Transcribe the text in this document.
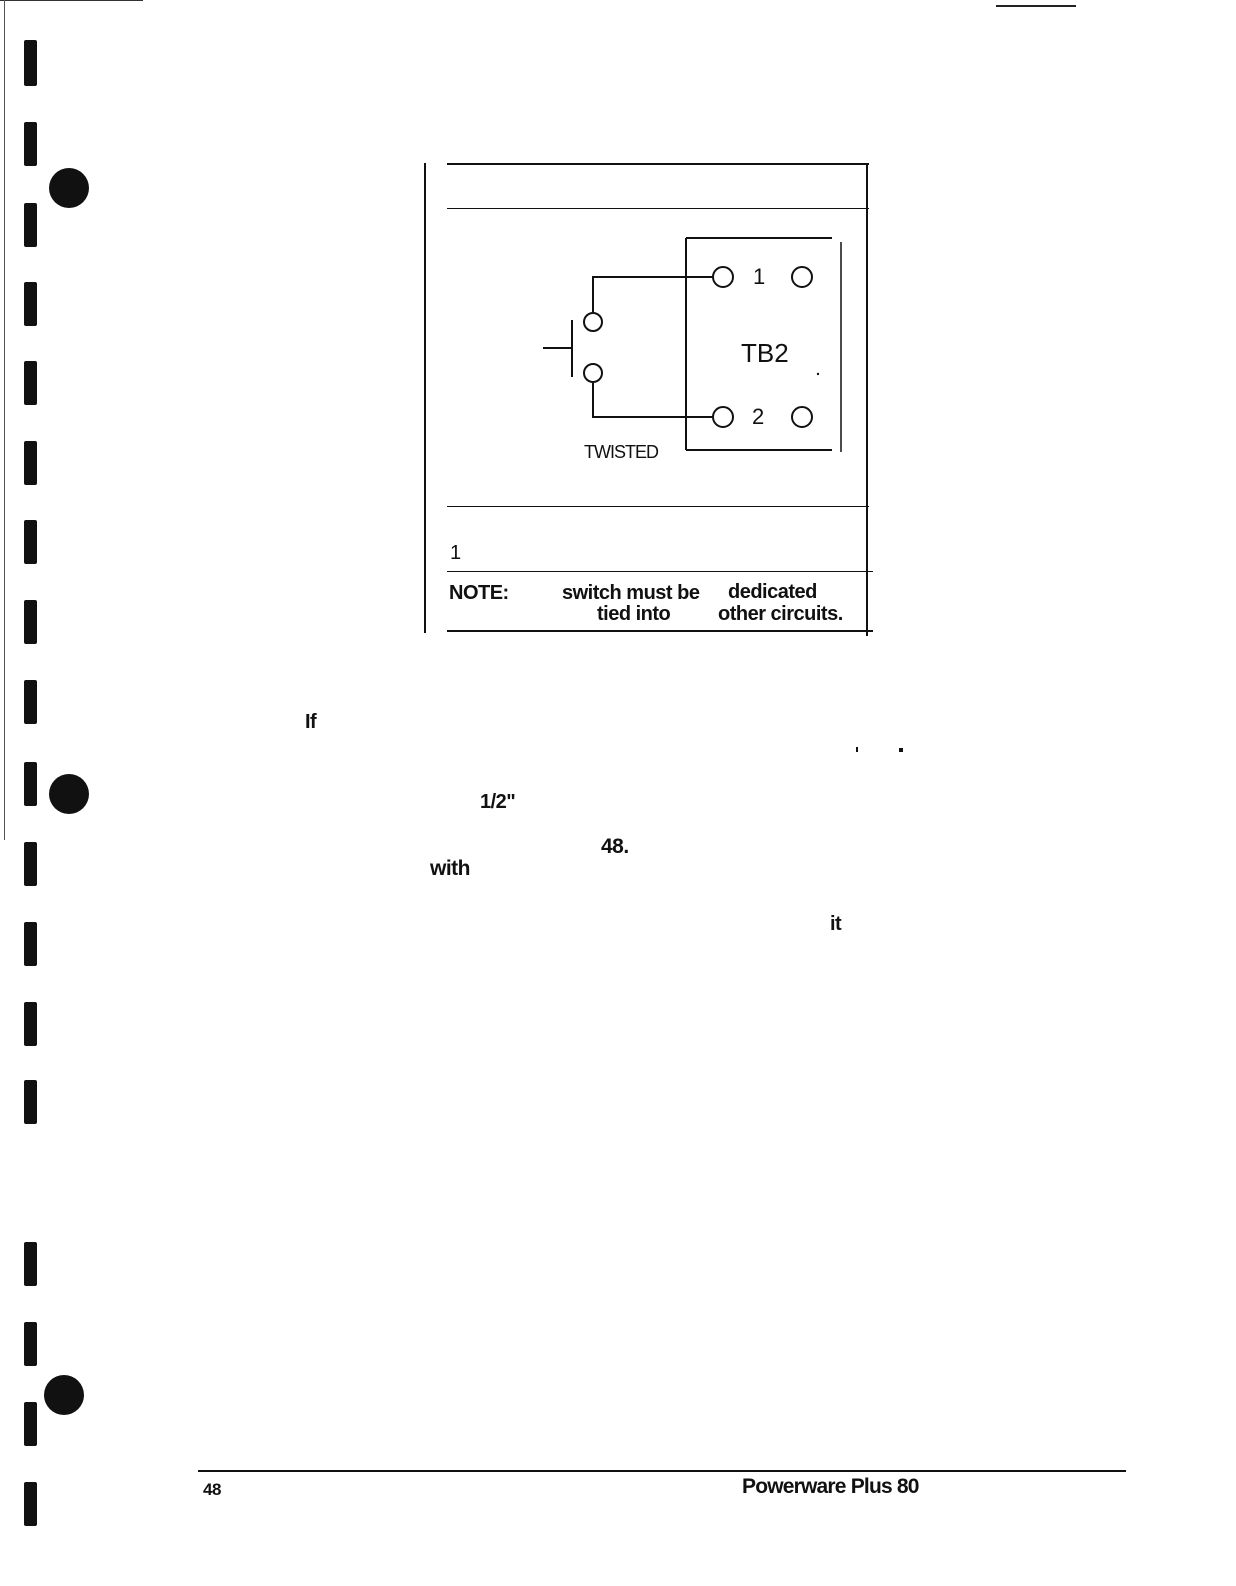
1
2
TB2
TWISTED
1
NOTE:	switch must be dedicated
tied into other circuits.
If
1/2"
48.
with
it
48	Powerware Plus 80
